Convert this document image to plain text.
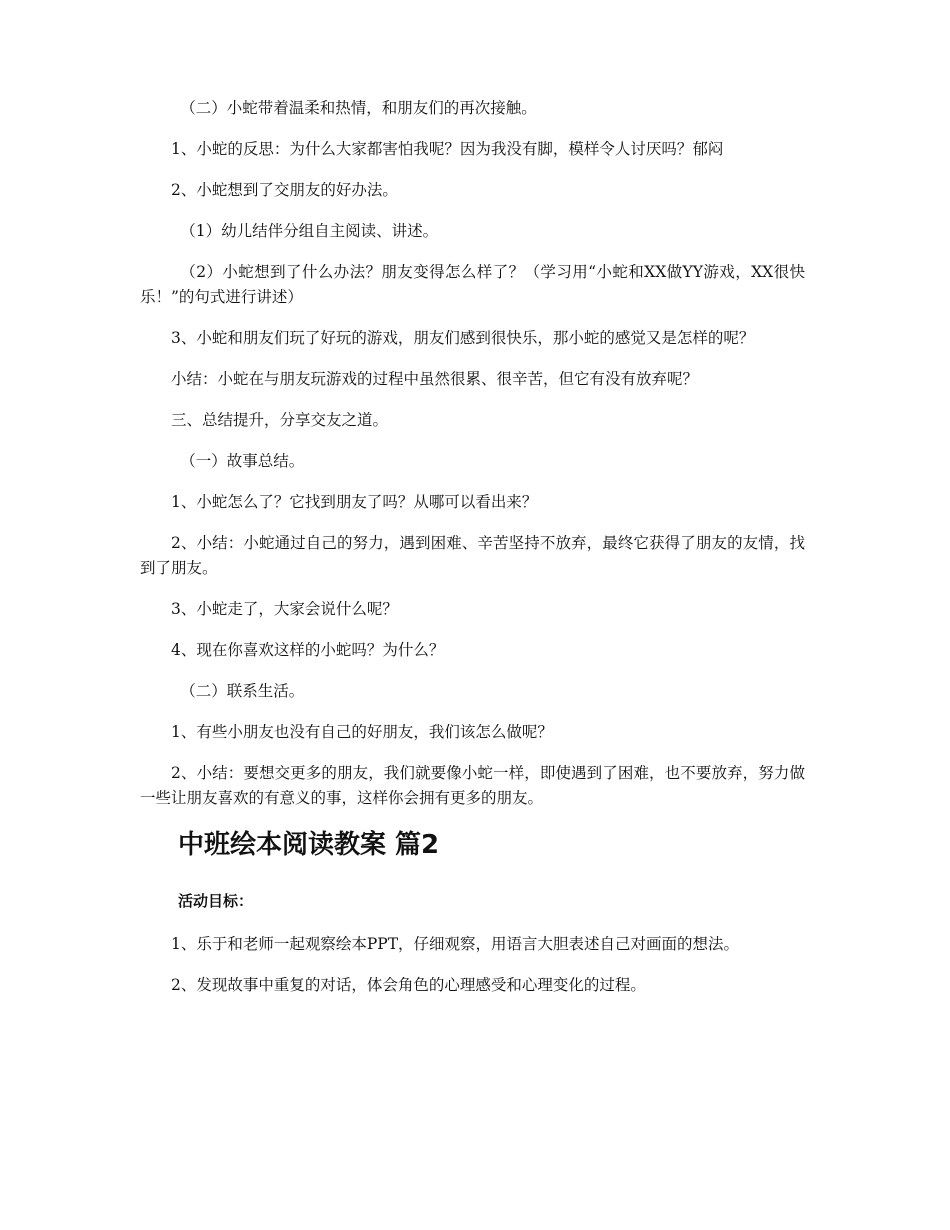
（二）小蛇带着温柔和热情，和朋友们的再次接触。

1、小蛇的反思：为什么大家都害怕我呢？因为我没有脚，模样令人讨厌吗？郁闷

2、小蛇想到了交朋友的好办法。

（1）幼儿结伴分组自主阅读、讲述。

（2）小蛇想到了什么办法？朋友变得怎么样了？（学习用“小蛇和XX做YY游戏，XX很快乐！”的句式进行讲述）

3、小蛇和朋友们玩了好玩的游戏，朋友们感到很快乐，那小蛇的感觉又是怎样的呢？

小结：小蛇在与朋友玩游戏的过程中虽然很累、很辛苦，但它有没有放弃呢？

三、总结提升，分享交友之道。

（一）故事总结。

1、小蛇怎么了？它找到朋友了吗？从哪可以看出来？

2、小结：小蛇通过自己的努力，遇到困难、辛苦坚持不放弃，最终它获得了朋友的友情，找到了朋友。

3、小蛇走了，大家会说什么呢？

4、现在你喜欢这样的小蛇吗？为什么？

（二）联系生活。

1、有些小朋友也没有自己的好朋友，我们该怎么做呢？

2、小结：要想交更多的朋友，我们就要像小蛇一样，即使遇到了困难，也不要放弃，努力做一些让朋友喜欢的有意义的事，这样你会拥有更多的朋友。

中班绘本阅读教案 篇2

活动目标：

1、乐于和老师一起观察绘本PPT，仔细观察，用语言大胆表述自己对画面的想法。

2、发现故事中重复的对话，体会角色的心理感受和心理变化的过程。
